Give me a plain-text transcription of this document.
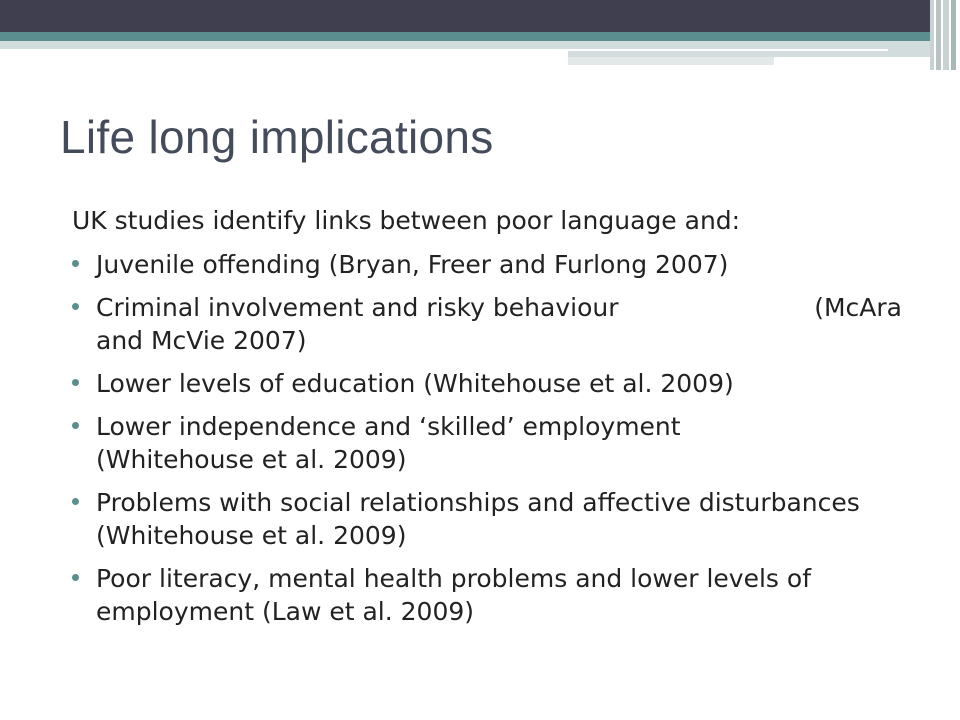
Life long implications

UK studies identify links between poor language and:

Juvenile offending (Bryan, Freer and Furlong 2007)
Criminal involvement and risky behaviour	(McAra
and McVie 2007)
Lower levels of education (Whitehouse et al. 2009)
Lower independence and ‘skilled’ employment
(Whitehouse et al. 2009)
Problems with social relationships and affective disturbances
(Whitehouse et al. 2009)
Poor literacy, mental health problems and lower levels of
employment (Law et al. 2009)
